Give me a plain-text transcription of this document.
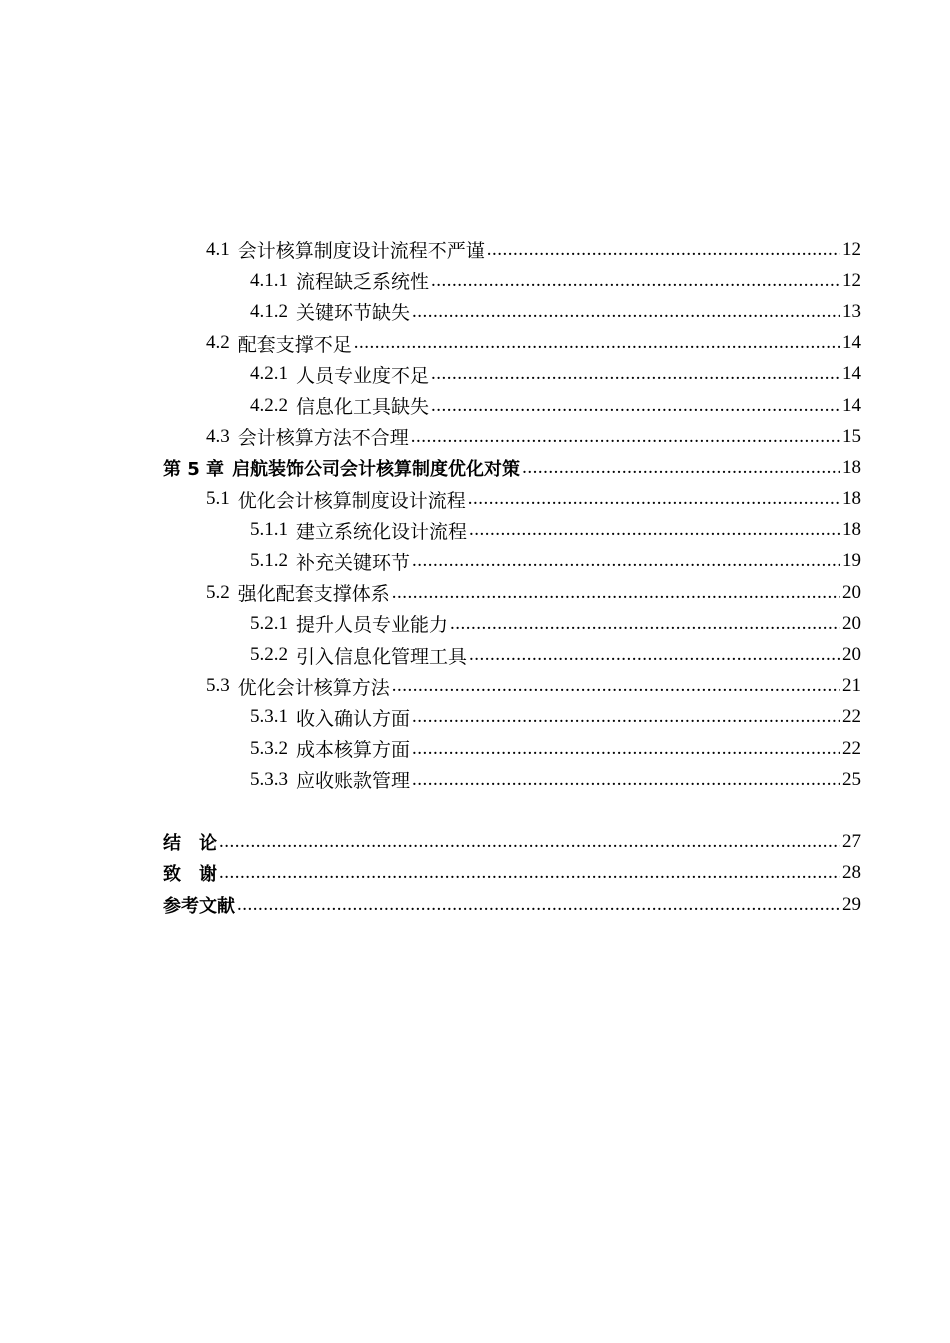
4.1 会计核算制度设计流程不严谨 .....	12
4.1.1 流程缺乏系统性 .....	12
4.1.2 关键环节缺失 .....	13
4.2 配套支撑不足 .....	14
4.2.1 人员专业度不足 .....	14
4.2.2 信息化工具缺失 .....	14
4.3 会计核算方法不合理 .....	15
第 5 章 启航装饰公司会计核算制度优化对策 .....	18
5.1 优化会计核算制度设计流程 .....	18
5.1.1 建立系统化设计流程 .....	18
5.1.2 补充关键环节 .....	19
5.2 强化配套支撑体系 .....	20
5.2.1 提升人员专业能力 .....	20
5.2.2 引入信息化管理工具 .....	20
5.3 优化会计核算方法 .....	21
5.3.1 收入确认方面 .....	22
5.3.2 成本核算方面 .....	22
5.3.3 应收账款管理 .....	25
结　论 .....	27
致　谢 .....	28
参考文献 .....	29
